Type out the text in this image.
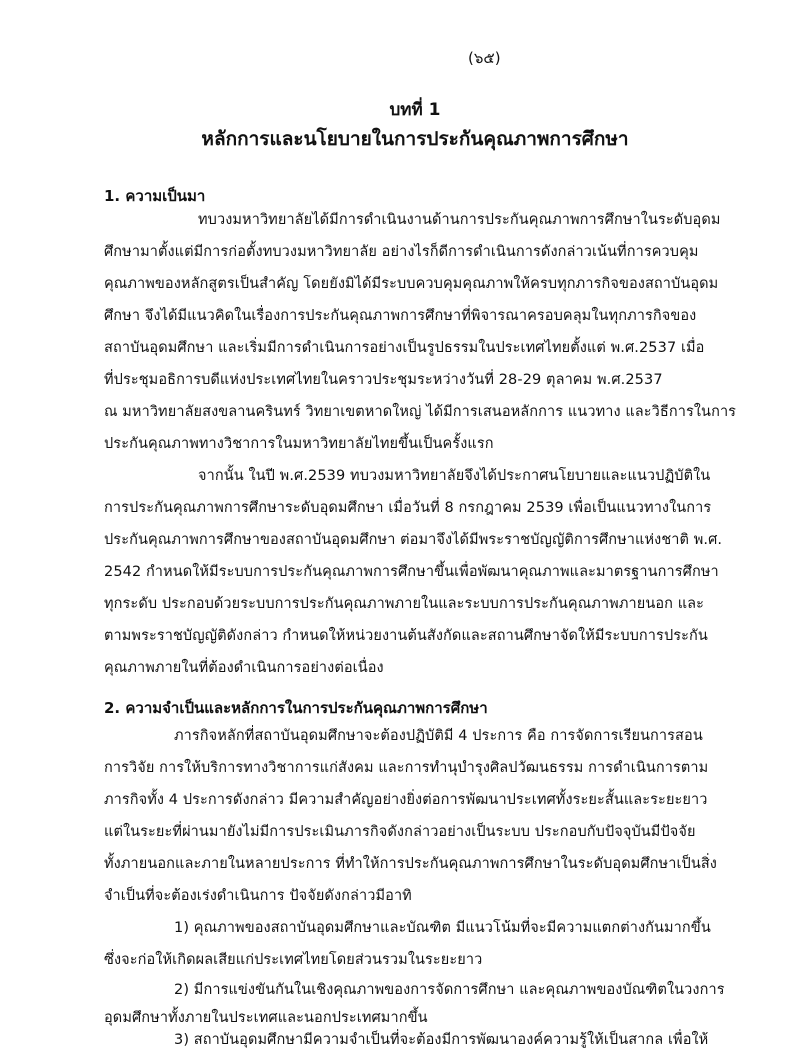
(๖๕)
บทที่ 1
หลักการและนโยบายในการประกันคุณภาพการศึกษา
1. ความเป็นมา
ทบวงมหาวิทยาลัยได้มีการดำเนินงานด้านการประกันคุณภาพการศึกษาในระดับอุดม
ศึกษามาตั้งแต่มีการก่อตั้งทบวงมหาวิทยาลัย อย่างไรก็ดีการดำเนินการดังกล่าวเน้นที่การควบคุม
คุณภาพของหลักสูตรเป็นสำคัญ โดยยังมิได้มีระบบควบคุมคุณภาพให้ครบทุกภารกิจของสถาบันอุดม
ศึกษา จึงได้มีแนวคิดในเรื่องการประกันคุณภาพการศึกษาที่พิจารณาครอบคลุมในทุกภารกิจของ
สถาบันอุดมศึกษา และเริ่มมีการดำเนินการอย่างเป็นรูปธรรมในประเทศไทยตั้งแต่ พ.ศ.2537 เมื่อ
ที่ประชุมอธิการบดีแห่งประเทศไทยในคราวประชุมระหว่างวันที่ 28-29 ตุลาคม พ.ศ.2537
ณ มหาวิทยาลัยสงขลานครินทร์ วิทยาเขตหาดใหญ่ ได้มีการเสนอหลักการ แนวทาง และวิธีการในการ
ประกันคุณภาพทางวิชาการในมหาวิทยาลัยไทยขึ้นเป็นครั้งแรก
จากนั้น ในปี พ.ศ.2539 ทบวงมหาวิทยาลัยจึงได้ประกาศนโยบายและแนวปฏิบัติใน
การประกันคุณภาพการศึกษาระดับอุดมศึกษา เมื่อวันที่ 8 กรกฎาคม 2539 เพื่อเป็นแนวทางในการ
ประกันคุณภาพการศึกษาของสถาบันอุดมศึกษา ต่อมาจึงได้มีพระราชบัญญัติการศึกษาแห่งชาติ พ.ศ.
2542 กำหนดให้มีระบบการประกันคุณภาพการศึกษาขึ้นเพื่อพัฒนาคุณภาพและมาตรฐานการศึกษา
ทุกระดับ ประกอบด้วยระบบการประกันคุณภาพภายในและระบบการประกันคุณภาพภายนอก และ
ตามพระราชบัญญัติดังกล่าว กำหนดให้หน่วยงานต้นสังกัดและสถานศึกษาจัดให้มีระบบการประกัน
คุณภาพภายในที่ต้องดำเนินการอย่างต่อเนื่อง
2. ความจำเป็นและหลักการในการประกันคุณภาพการศึกษา
ภารกิจหลักที่สถาบันอุดมศึกษาจะต้องปฏิบัติมี 4 ประการ คือ การจัดการเรียนการสอน
การวิจัย การให้บริการทางวิชาการแก่สังคม และการทำนุบำรุงศิลปวัฒนธรรม การดำเนินการตาม
ภารกิจทั้ง 4 ประการดังกล่าว มีความสำคัญอย่างยิ่งต่อการพัฒนาประเทศทั้งระยะสั้นและระยะยาว
แต่ในระยะที่ผ่านมายังไม่มีการประเมินภารกิจดังกล่าวอย่างเป็นระบบ ประกอบกับปัจจุบันมีปัจจัย
ทั้งภายนอกและภายในหลายประการ ที่ทำให้การประกันคุณภาพการศึกษาในระดับอุดมศึกษาเป็นสิ่ง
จำเป็นที่จะต้องเร่งดำเนินการ ปัจจัยดังกล่าวมีอาทิ
1) คุณภาพของสถาบันอุดมศึกษาและบัณฑิต มีแนวโน้มที่จะมีความแตกต่างกันมากขึ้น
ซึ่งจะก่อให้เกิดผลเสียแก่ประเทศไทยโดยส่วนรวมในระยะยาว
2) มีการแข่งขันกันในเชิงคุณภาพของการจัดการศึกษา และคุณภาพของบัณฑิตในวงการ
อุดมศึกษาทั้งภายในประเทศและนอกประเทศมากขึ้น
3) สถาบันอุดมศึกษามีความจำเป็นที่จะต้องมีการพัฒนาองค์ความรู้ให้เป็นสากล เพื่อให้
